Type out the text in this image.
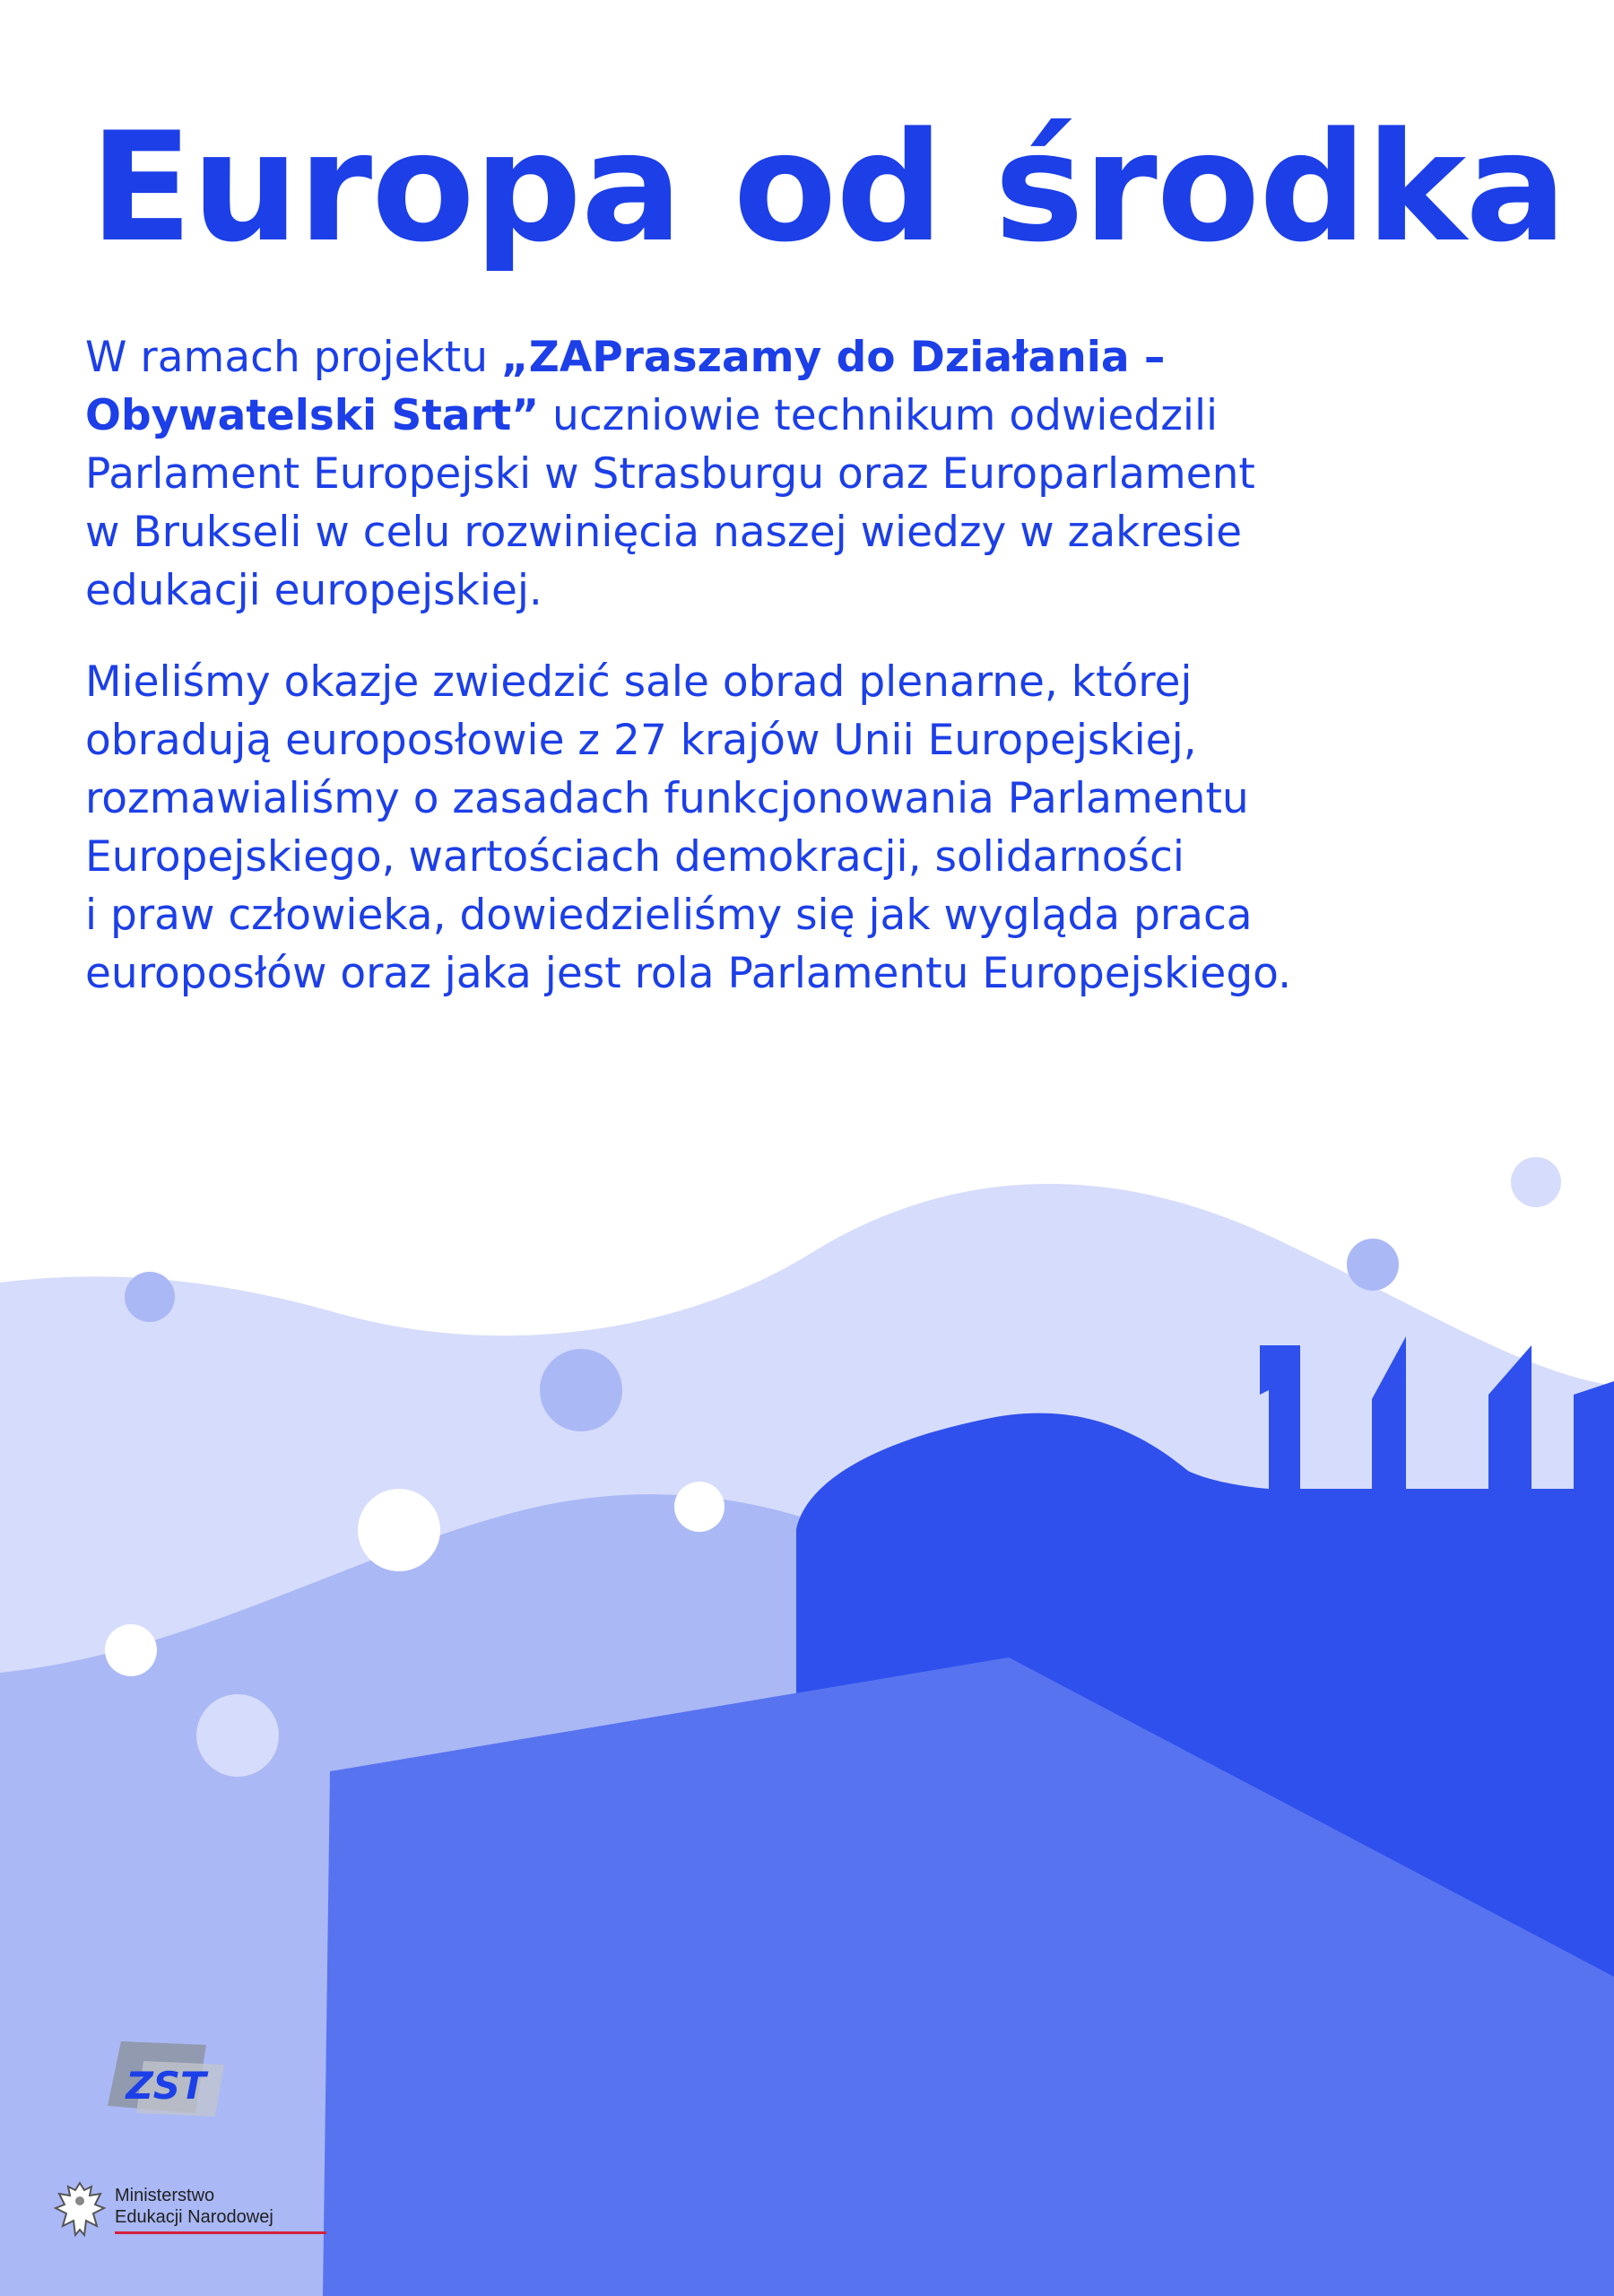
Europa od środka

W ramach projektu „ZAPraszamy do Działania –
Obywatelski Start” uczniowie technikum odwiedzili
Parlament Europejski w Strasburgu oraz Europarlament
w Brukseli w celu rozwinięcia naszej wiedzy w zakresie
edukacji europejskiej.

Mieliśmy okazje zwiedzić sale obrad plenarne, której
obradują europosłowie z 27 krajów Unii Europejskiej,
rozmawialiśmy o zasadach funkcjonowania Parlamentu
Europejskiego, wartościach demokracji, solidarności
i praw człowieka, dowiedzieliśmy się jak wygląda praca
europosłów oraz jaka jest rola Parlamentu Europejskiego.

ZST
Ministerstwo
Edukacji Narodowej
